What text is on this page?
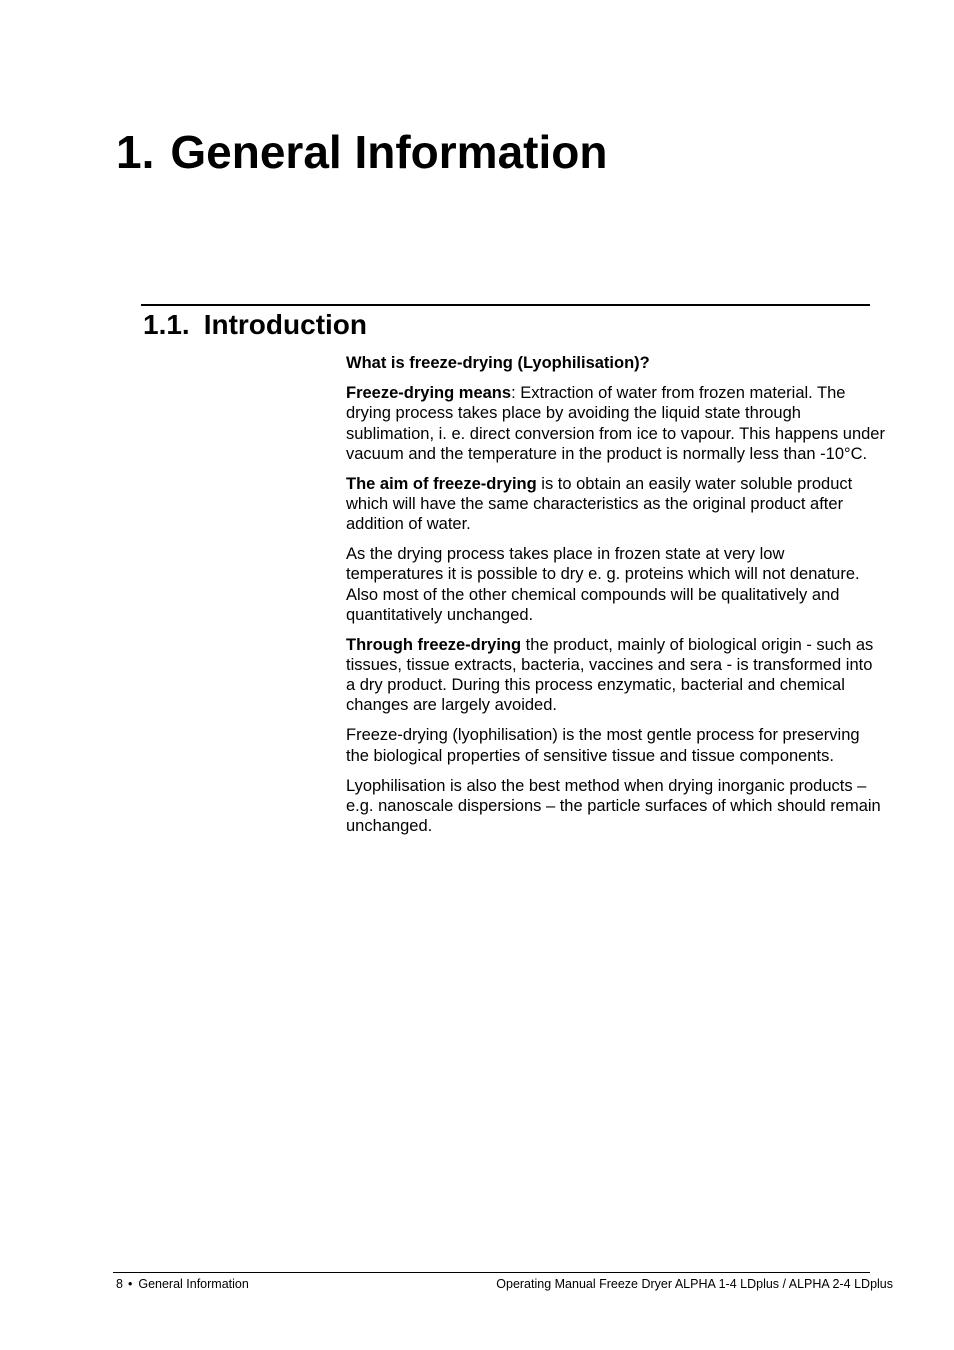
1. General Information
1.1. Introduction

What is freeze-drying (Lyophilisation)?

Freeze-drying means: Extraction of water from frozen material. The drying process takes place by avoiding the liquid state through sublimation, i. e. direct conversion from ice to vapour. This happens under vacuum and the temperature in the product is normally less than -10°C.

The aim of freeze-drying is to obtain an easily water soluble product which will have the same characteristics as the original product after addition of water.

As the drying process takes place in frozen state at very low temperatures it is possible to dry e. g. proteins which will not denature. Also most of the other chemical compounds will be qualitatively and quantitatively unchanged.

Through freeze-drying the product, mainly of biological origin - such as tissues, tissue extracts, bacteria, vaccines and sera - is transformed into a dry product. During this process enzymatic, bacterial and chemical changes are largely avoided.

Freeze-drying (lyophilisation) is the most gentle process for preserving the biological properties of sensitive tissue and tissue components.

Lyophilisation is also the best method when drying inorganic products – e.g. nanoscale dispersions – the particle surfaces of which should remain unchanged.

8 • General Information	Operating Manual Freeze Dryer ALPHA 1-4 LDplus / ALPHA 2-4 LDplus
